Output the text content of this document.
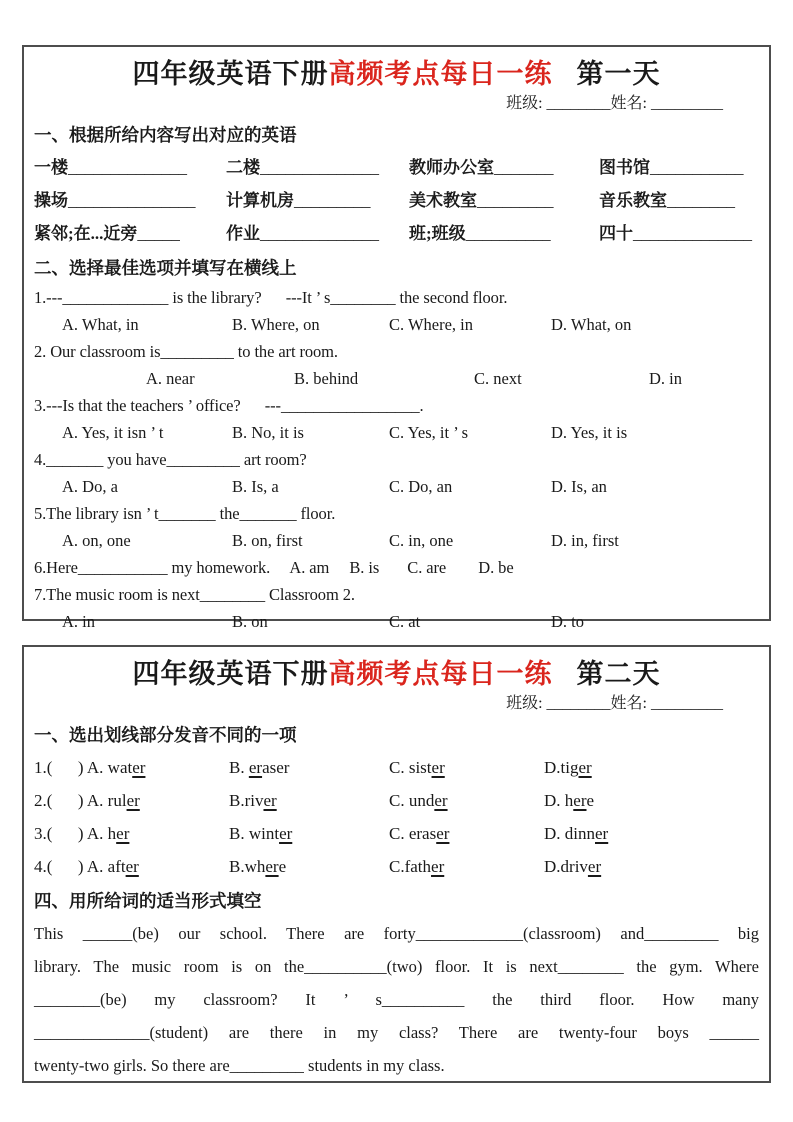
四年级英语下册高频考点每日一练 第一天
班级: ________姓名: _________
一、根据所给内容写出对应的英语
一楼______________	二楼______________	教师办公室_______	图书馆___________
操场_______________	计算机房_________	美术教室_________	音乐教室________
紧邻;在...近旁_____	作业______________	班;班级__________	四十______________
二、选择最佳选项并填写在横线上
1.---_____________ is the library?      ---It ’ s________ the second floor.
A. What, in	B. Where, on	C. Where, in	D. What, on
2. Our classroom is_________ to the art room.
A. near	B. behind	C. next	D. in
3.---Is that the teachers ’ office?      ---_________________.
A. Yes, it isn ’ t	B. No, it is	C. Yes, it ’ s	D. Yes, it is
4._______ you have_________ art room?
A. Do, a	B. Is, a	C. Do, an	D. Is, an
5.The library isn ’ t_______ the_______ floor.
A. on, one	B. on, first	C. in, one	D. in, first
6.Here___________ my homework.     A. am     B. is       C. are        D. be
7.The music room is next________ Classroom 2.
A. in	B. on	C. at	D. to
四年级英语下册高频考点每日一练 第二天
班级: ________姓名: _________
一、选出划线部分发音不同的一项
1.(      ) A. water	B. eraser	C. sister	D.tiger
2.(      ) A. ruler	B.river	C. under	D. here
3.(      ) A. her	B. winter	C. eraser	D. dinner
4.(      ) A. after	B.where	C.father	D.driver
四、用所给词的适当形式填空
This ______(be) our school. There are forty_____________(classroom) and_________ big
library. The music room is on the__________(two) floor. It is next________ the gym. Where
________(be) my classroom? It ’ s__________ the third floor. How many
______________(student) are there in my class? There are twenty-four boys ______
twenty-two girls. So there are_________ students in my class.
